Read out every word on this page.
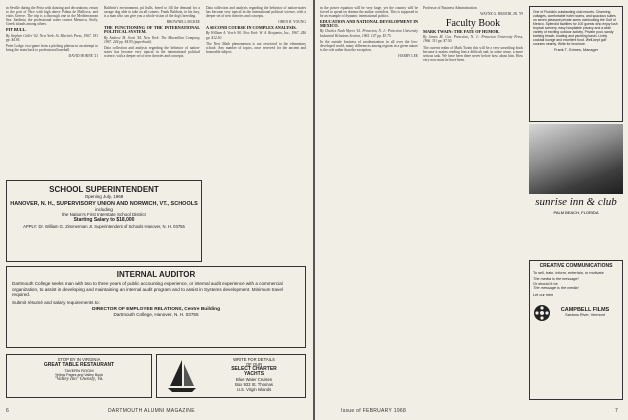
in Seville during the Feria with dancing and decorations; return to the port of Nice with high above Palma de Mallorca, and visits Greece. The trip is a thorough one in the Mediterranean Sea. Sardinia, the professional water cruises Menorca, Sicily, Greek islands among others.

PIT BULL.

By Stephen Geller '62. New York: St. Martin's Press, 1967. 181 pp. $4.95.

Peter Lodge, two-game from a pitching plateau in an attempt to bring the team back to professional baseball.

DAVID HORNE '21

Baldwin's environment, pit bulls, breed to fill the demand for a savage dog able to take on all comers. Frank Baldwin, in his fury, is a man who can give you a whole vision of the dog's breeding.

BROWNELL MCKEE
THE FUNCTIONING OF THE INTERNATIONAL POLITICAL SYSTEM.

By Andrew M. Scott '44. New York: The Macmillan Company, 1967. 244 pp. $4.95 (paperback).

Data collection and analysis regarding the behavior of nation-states has become very topical in the international political science, with a deeper set of new theories and concepts.

Data collection and analysis regarding the behavior of nation-states has become very topical in the international political science, with a deeper set of new theories and concepts.

OREN R. YOUNG
A SECOND COURSE IN COMPLEX ANALYSIS.

By William A. Veech '60. New York: W. A. Benjamin, Inc., 1967. 246 pp. $12.50.

The New Math phenomenon is not restricted to the elementary school: Any number of topics, once reserved for the ancient and honorable subject.

SCHOOL SUPERINTENDENT
Opening July, 1968
HANOVER, N. H., SUPERVISORY UNION AND NORWICH, VT., SCHOOLS
including
the Nation's First Interstate School District
Starting Salary to $18,000
APPLY: Dr. William G. Zimmerman Jr. Superintendent of Schools Hanover, N. H. 03755
INTERNAL AUDITOR
Dartmouth College seeks man with two to three years of public accounting experience, or internal audit experience with a commercial organization, to assist in developing and maintaining an internal audit program and to assist in Systems development. Minimum travel required.
Submit résumé and salary requirements to:
DIRECTOR OF EMPLOYEE RELATIONS, Centre Building
Dartmouth College, Hanover, N. H. 03755
STOP BY IN VIRGINIA
GREAT TABLE RESTAURANT
TAVERN ROOM
Yellow Pages and Valley Book
"Valley Inn" Ownsty, Va.
WRITE FOR DETAILS
OF OUR
SELECT CHARTER
YACHTS
Blue Water Cruises
Box 933 St. Thomas
U.S. Virgin Islands
6	DARTMOUTH ALUMNI MAGAZINE

in the power equation will be very large, yet the country will be forced to spend on dreams the author considers. This is supposed to be an example of dynamic international politics.

EDUCATION AND NATIONAL DEVELOPMENT IN MEXICO.

By Charles Nash Myers '61. Princeton, N. J.: Princeton University Industrial Relations Section, 1965. 147 pp. $3.75.

In the outside business of modernization in all over the less-developed world, many differences among regions in a given nature is the role rather than the exception.

HARRY LEE

Professor of Business Administration

WAYNE G. BROEHL JR. '59
Faculty Book
MARK TWAIN: THE FATE OF HUMOR.

By James M. Cox. Princeton, N. J.: Princeton University Press, 1966. 311 pp. $7.50.

The current realm of Mark Twain this will be a very unsettling book because it makes reading him a difficult and, in some sense, a more serious task. We have been there never before how about him. How very now must he have been.

One of Florida's outstanding club resorts. Charming cottages, comfortable hotel rooms, and spacious suites on seven pleasant private acres overlooking the Gulf of Mexico. Splendid facilities for 100 guests who enjoy lush tropical scenery, easy hospitable privacy and a wide variety of exciting outdoor activity. Private pool, sandy bathing beach, boating and yachting basin. Lively cocktail lounge and excellent food. Well-kept golf courses nearby. Write for brochure.
Frank T. Grimes, Manager
sunrise inn & club
PALM BEACH, FLORIDA
CREATIVE COMMUNICATIONS
To sell, train, inform, entertain, or motivate
The media is the message!
Or should it be
The message is the media!
Let our men
CAMPBELL FILMS
Saxtons River, Vermont
Issue of FEBRUARY 1968	7
